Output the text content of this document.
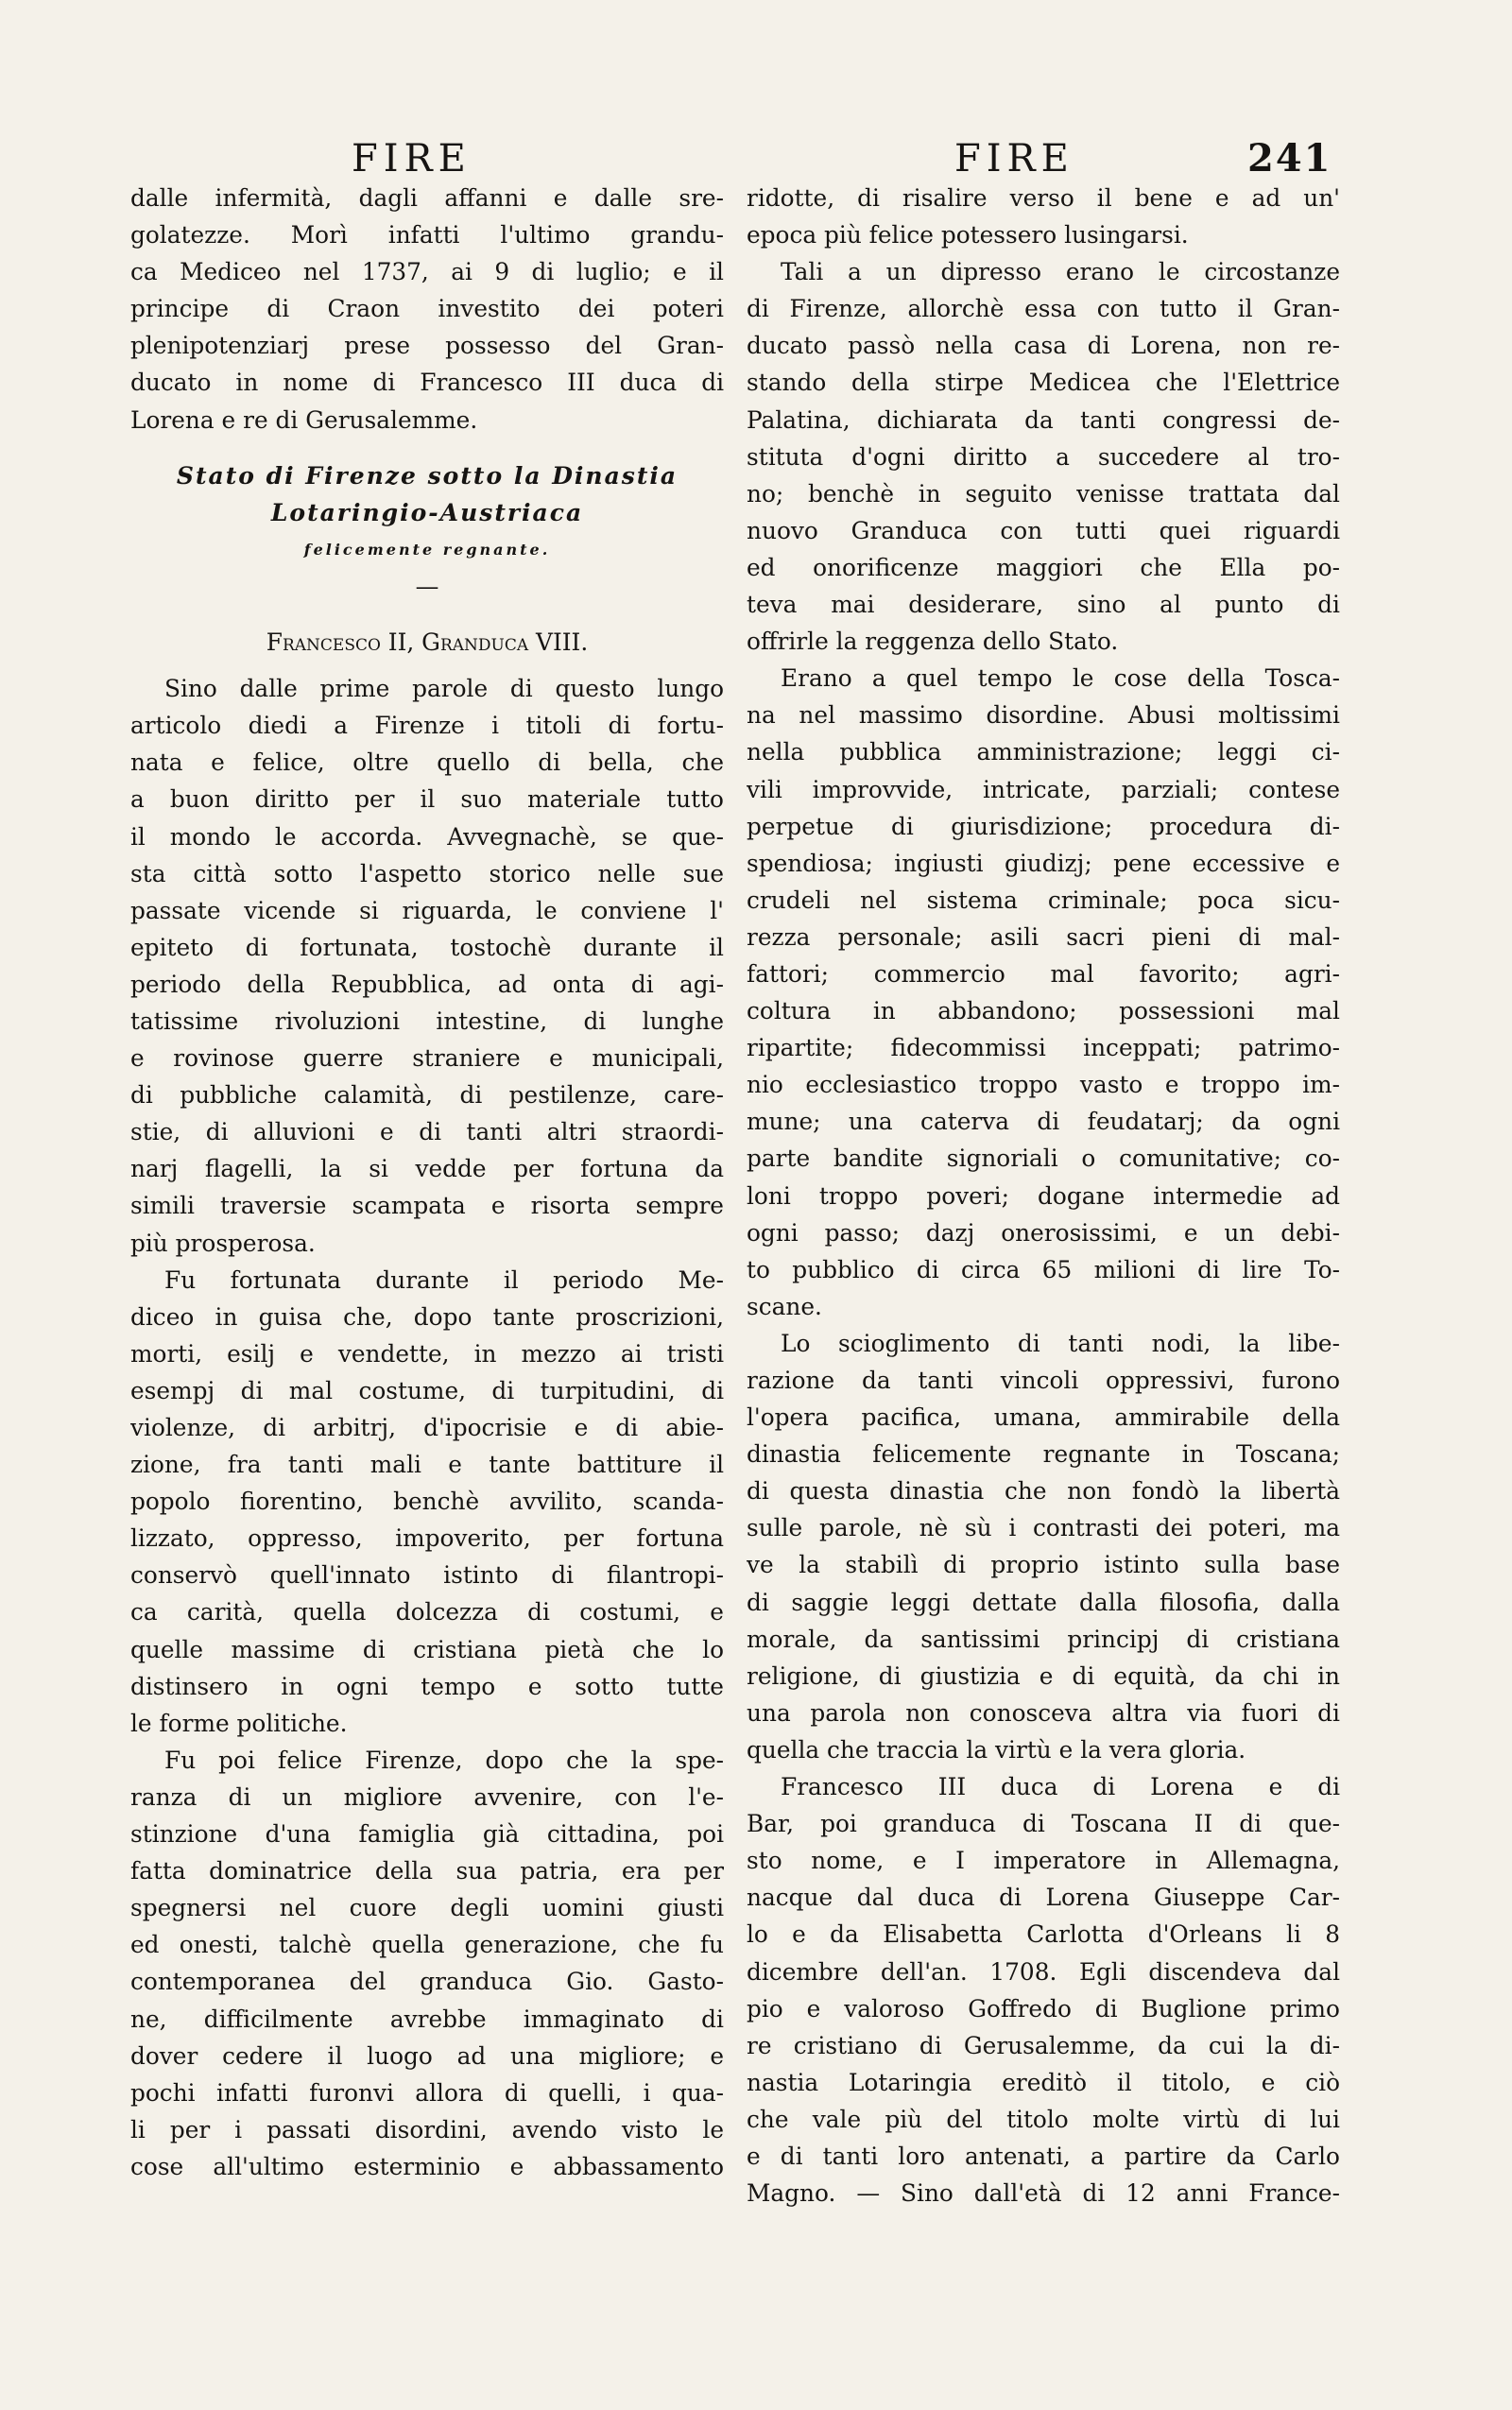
FIRE	FIRE	241
dalle infermità, dagli affanni e dalle sre-
golatezze. Morì infatti l'ultimo grandu-
ca Mediceo nel 1737, ai 9 di luglio; e il
principe di Craon investito dei poteri
plenipotenziarj prese possesso del Gran-
ducato in nome di Francesco III duca di
Lorena e re di Gerusalemme.
Stato di Firenze sotto la Dinastia
Lotaringio-Austriaca
felicemente regnante.
—
Francesco II, Granduca VIII.
Sino dalle prime parole di questo lungo
articolo diedi a Firenze i titoli di fortu-
nata e felice, oltre quello di bella, che
a buon diritto per il suo materiale tutto
il mondo le accorda. Avvegnachè, se que-
sta città sotto l'aspetto storico nelle sue
passate vicende si riguarda, le conviene l'
epiteto di fortunata, tostochè durante il
periodo della Repubblica, ad onta di agi-
tatissime rivoluzioni intestine, di lunghe
e rovinose guerre straniere e municipali,
di pubbliche calamità, di pestilenze, care-
stie, di alluvioni e di tanti altri straordi-
narj flagelli, la si vedde per fortuna da
simili traversie scampata e risorta sempre
più prosperosa.
Fu fortunata durante il periodo Me-
diceo in guisa che, dopo tante proscrizioni,
morti, esilj e vendette, in mezzo ai tristi
esempj di mal costume, di turpitudini, di
violenze, di arbitrj, d'ipocrisie e di abie-
zione, fra tanti mali e tante battiture il
popolo fiorentino, benchè avvilito, scanda-
lizzato, oppresso, impoverito, per fortuna
conservò quell'innato istinto di filantropi-
ca carità, quella dolcezza di costumi, e
quelle massime di cristiana pietà che lo
distinsero in ogni tempo e sotto tutte
le forme politiche.
Fu poi felice Firenze, dopo che la spe-
ranza di un migliore avvenire, con l'e-
stinzione d'una famiglia già cittadina, poi
fatta dominatrice della sua patria, era per
spegnersi nel cuore degli uomini giusti
ed onesti, talchè quella generazione, che fu
contemporanea del granduca Gio. Gasto-
ne, difficilmente avrebbe immaginato di
dover cedere il luogo ad una migliore; e
pochi infatti furonvi allora di quelli, i qua-
li per i passati disordini, avendo visto le
cose all'ultimo esterminio e abbassamento
ridotte, di risalire verso il bene e ad un'
epoca più felice potessero lusingarsi.
Tali a un dipresso erano le circostanze
di Firenze, allorchè essa con tutto il Gran-
ducato passò nella casa di Lorena, non re-
stando della stirpe Medicea che l'Elettrice
Palatina, dichiarata da tanti congressi de-
stituta d'ogni diritto a succedere al tro-
no; benchè in seguito venisse trattata dal
nuovo Granduca con tutti quei riguardi
ed onorificenze maggiori che Ella po-
teva mai desiderare, sino al punto di
offrirle la reggenza dello Stato.
Erano a quel tempo le cose della Tosca-
na nel massimo disordine. Abusi moltissimi
nella pubblica amministrazione; leggi ci-
vili improvvide, intricate, parziali; contese
perpetue di giurisdizione; procedura di-
spendiosa; ingiusti giudizj; pene eccessive e
crudeli nel sistema criminale; poca sicu-
rezza personale; asili sacri pieni di mal-
fattori; commercio mal favorito; agri-
coltura in abbandono; possessioni mal
ripartite; fidecommissi inceppati; patrimo-
nio ecclesiastico troppo vasto e troppo im-
mune; una caterva di feudatarj; da ogni
parte bandite signoriali o comunitative; co-
loni troppo poveri; dogane intermedie ad
ogni passo; dazj onerosissimi, e un debi-
to pubblico di circa 65 milioni di lire To-
scane.
Lo scioglimento di tanti nodi, la libe-
razione da tanti vincoli oppressivi, furono
l'opera pacifica, umana, ammirabile della
dinastia felicemente regnante in Toscana;
di questa dinastia che non fondò la libertà
sulle parole, nè sù i contrasti dei poteri, ma
ve la stabilì di proprio istinto sulla base
di saggie leggi dettate dalla filosofia, dalla
morale, da santissimi principj di cristiana
religione, di giustizia e di equità, da chi in
una parola non conosceva altra via fuori di
quella che traccia la virtù e la vera gloria.
Francesco III duca di Lorena e di
Bar, poi granduca di Toscana II di que-
sto nome, e I imperatore in Allemagna,
nacque dal duca di Lorena Giuseppe Car-
lo e da Elisabetta Carlotta d'Orleans li 8
dicembre dell'an. 1708. Egli discendeva dal
pio e valoroso Goffredo di Buglione primo
re cristiano di Gerusalemme, da cui la di-
nastia Lotaringia ereditò il titolo, e ciò
che vale più del titolo molte virtù di lui
e di tanti loro antenati, a partire da Carlo
Magno. — Sino dall'età di 12 anni France-
